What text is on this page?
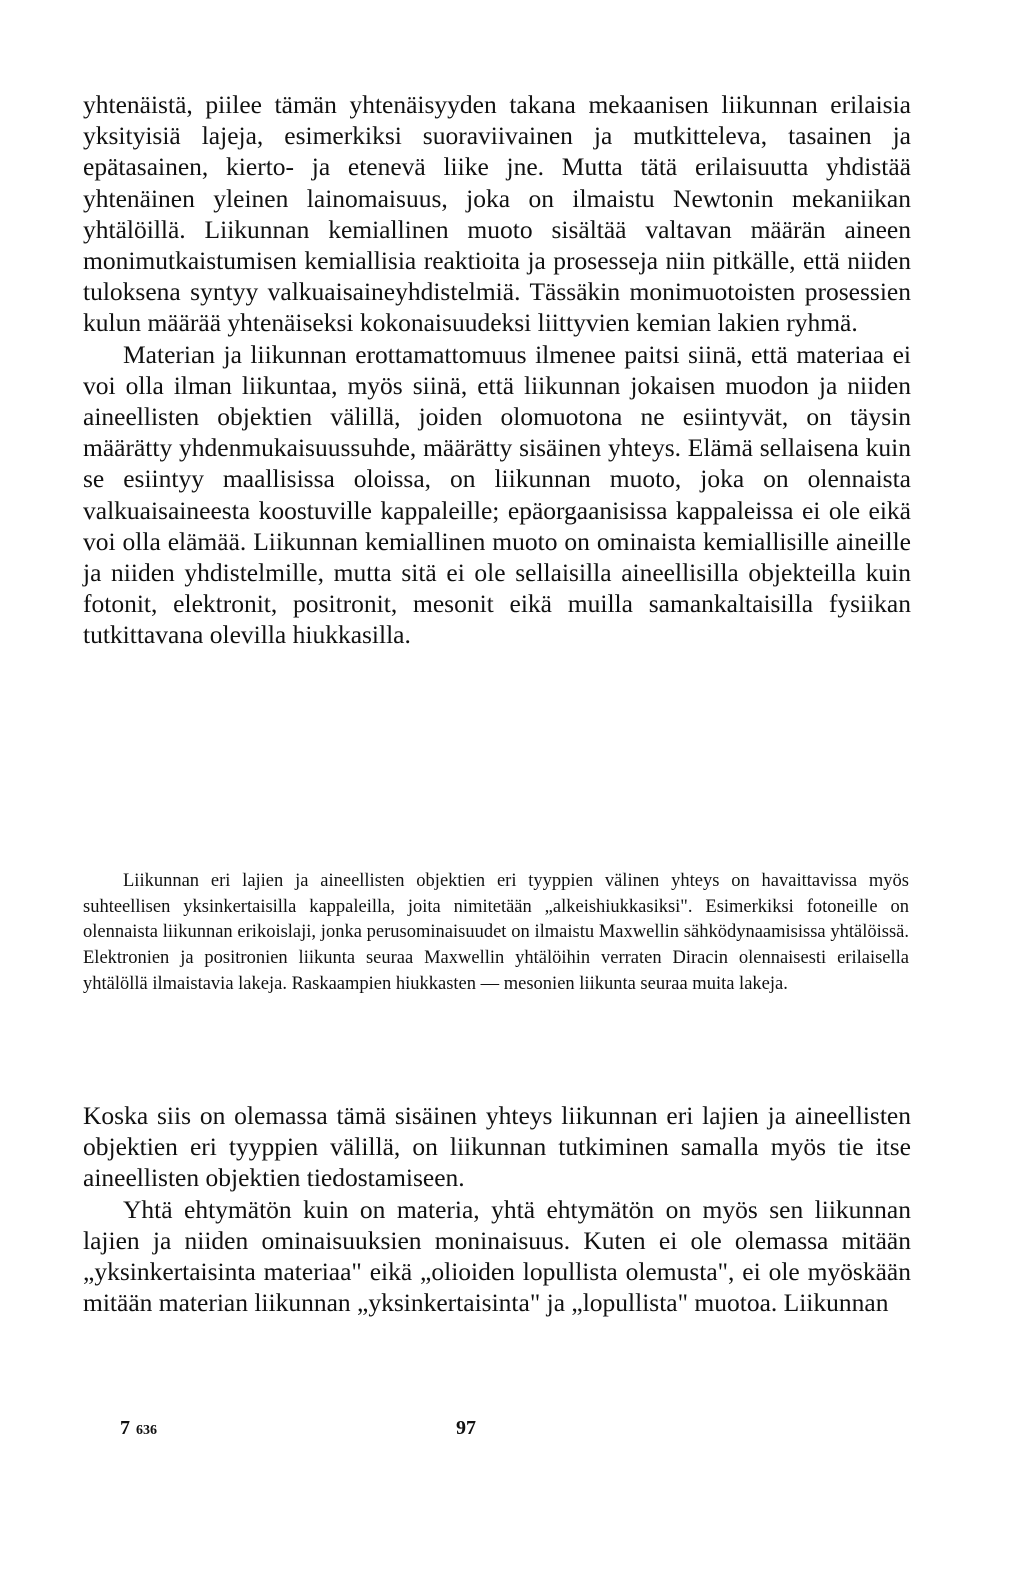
yhtenäistä, piilee tämän yhtenäisyyden takana mekaanisen liikunnan erilaisia yksityisiä lajeja, esimerkiksi suoraviivainen ja mutkitteleva, tasainen ja epätasainen, kierto- ja etenevä liike jne. Mutta tätä erilaisuutta yhdistää yhtenäinen yleinen lainomaisuus, joka on ilmaistu Newtonin mekaniikan yhtälöillä. Liikunnan kemiallinen muoto sisältää valtavan määrän aineen monimutkaistumisen kemiallisia reaktioita ja prosesseja niin pitkälle, että niiden tuloksena syntyy valkuaisaineyhdistelmiä. Tässäkin monimuotoisten prosessien kulun määrää yhtenäiseksi kokonaisuudeksi liittyvien kemian lakien ryhmä.

Materian ja liikunnan erottamattomuus ilmenee paitsi siinä, että materiaa ei voi olla ilman liikuntaa, myös siinä, että liikunnan jokaisen muodon ja niiden aineellisten objektien välillä, joiden olomuotona ne esiintyvät, on täysin määrätty yhdenmukaisuussuhde, määrätty sisäinen yhteys. Elämä sellaisena kuin se esiintyy maallisissa oloissa, on liikunnan muoto, joka on olennaista valkuaisaineesta koostuville kappaleille; epäorgaanisissa kappaleissa ei ole eikä voi olla elämää. Liikunnan kemiallinen muoto on ominaista kemiallisille aineille ja niiden yhdistelmille, mutta sitä ei ole sellaisilla aineellisilla objekteilla kuin fotonit, elektronit, positronit, mesonit eikä muilla samankaltaisilla fysiikan tutkittavana olevilla hiukkasilla.

Liikunnan eri lajien ja aineellisten objektien eri tyyppien välinen yhteys on havaittavissa myös suhteellisen yksinkertaisilla kappaleilla, joita nimitetään „alkeishiukkasiksi". Esimerkiksi fotoneille on olennaista liikunnan erikoislaji, jonka perusominaisuudet on ilmaistu Maxwellin sähködynaamisissa yhtälöissä. Elektronien ja positronien liikunta seuraa Maxwellin yhtälöihin verraten Diracin olennaisesti erilaisella yhtälöllä ilmaistavia lakeja. Raskaampien hiukkasten — mesonien liikunta seuraa muita lakeja.

Koska siis on olemassa tämä sisäinen yhteys liikunnan eri lajien ja aineellisten objektien eri tyyppien välillä, on liikunnan tutkiminen samalla myös tie itse aineellisten objektien tiedostamiseen.

Yhtä ehtymätön kuin on materia, yhtä ehtymätön on myös sen liikunnan lajien ja niiden ominaisuuksien moninaisuus. Kuten ei ole olemassa mitään „yksinkertaisinta materiaa" eikä „olioiden lopullista olemusta", ei ole myöskään mitään materian liikunnan „yksinkertaisinta" ja „lopullista" muotoa. Liikunnan

7 636	97
